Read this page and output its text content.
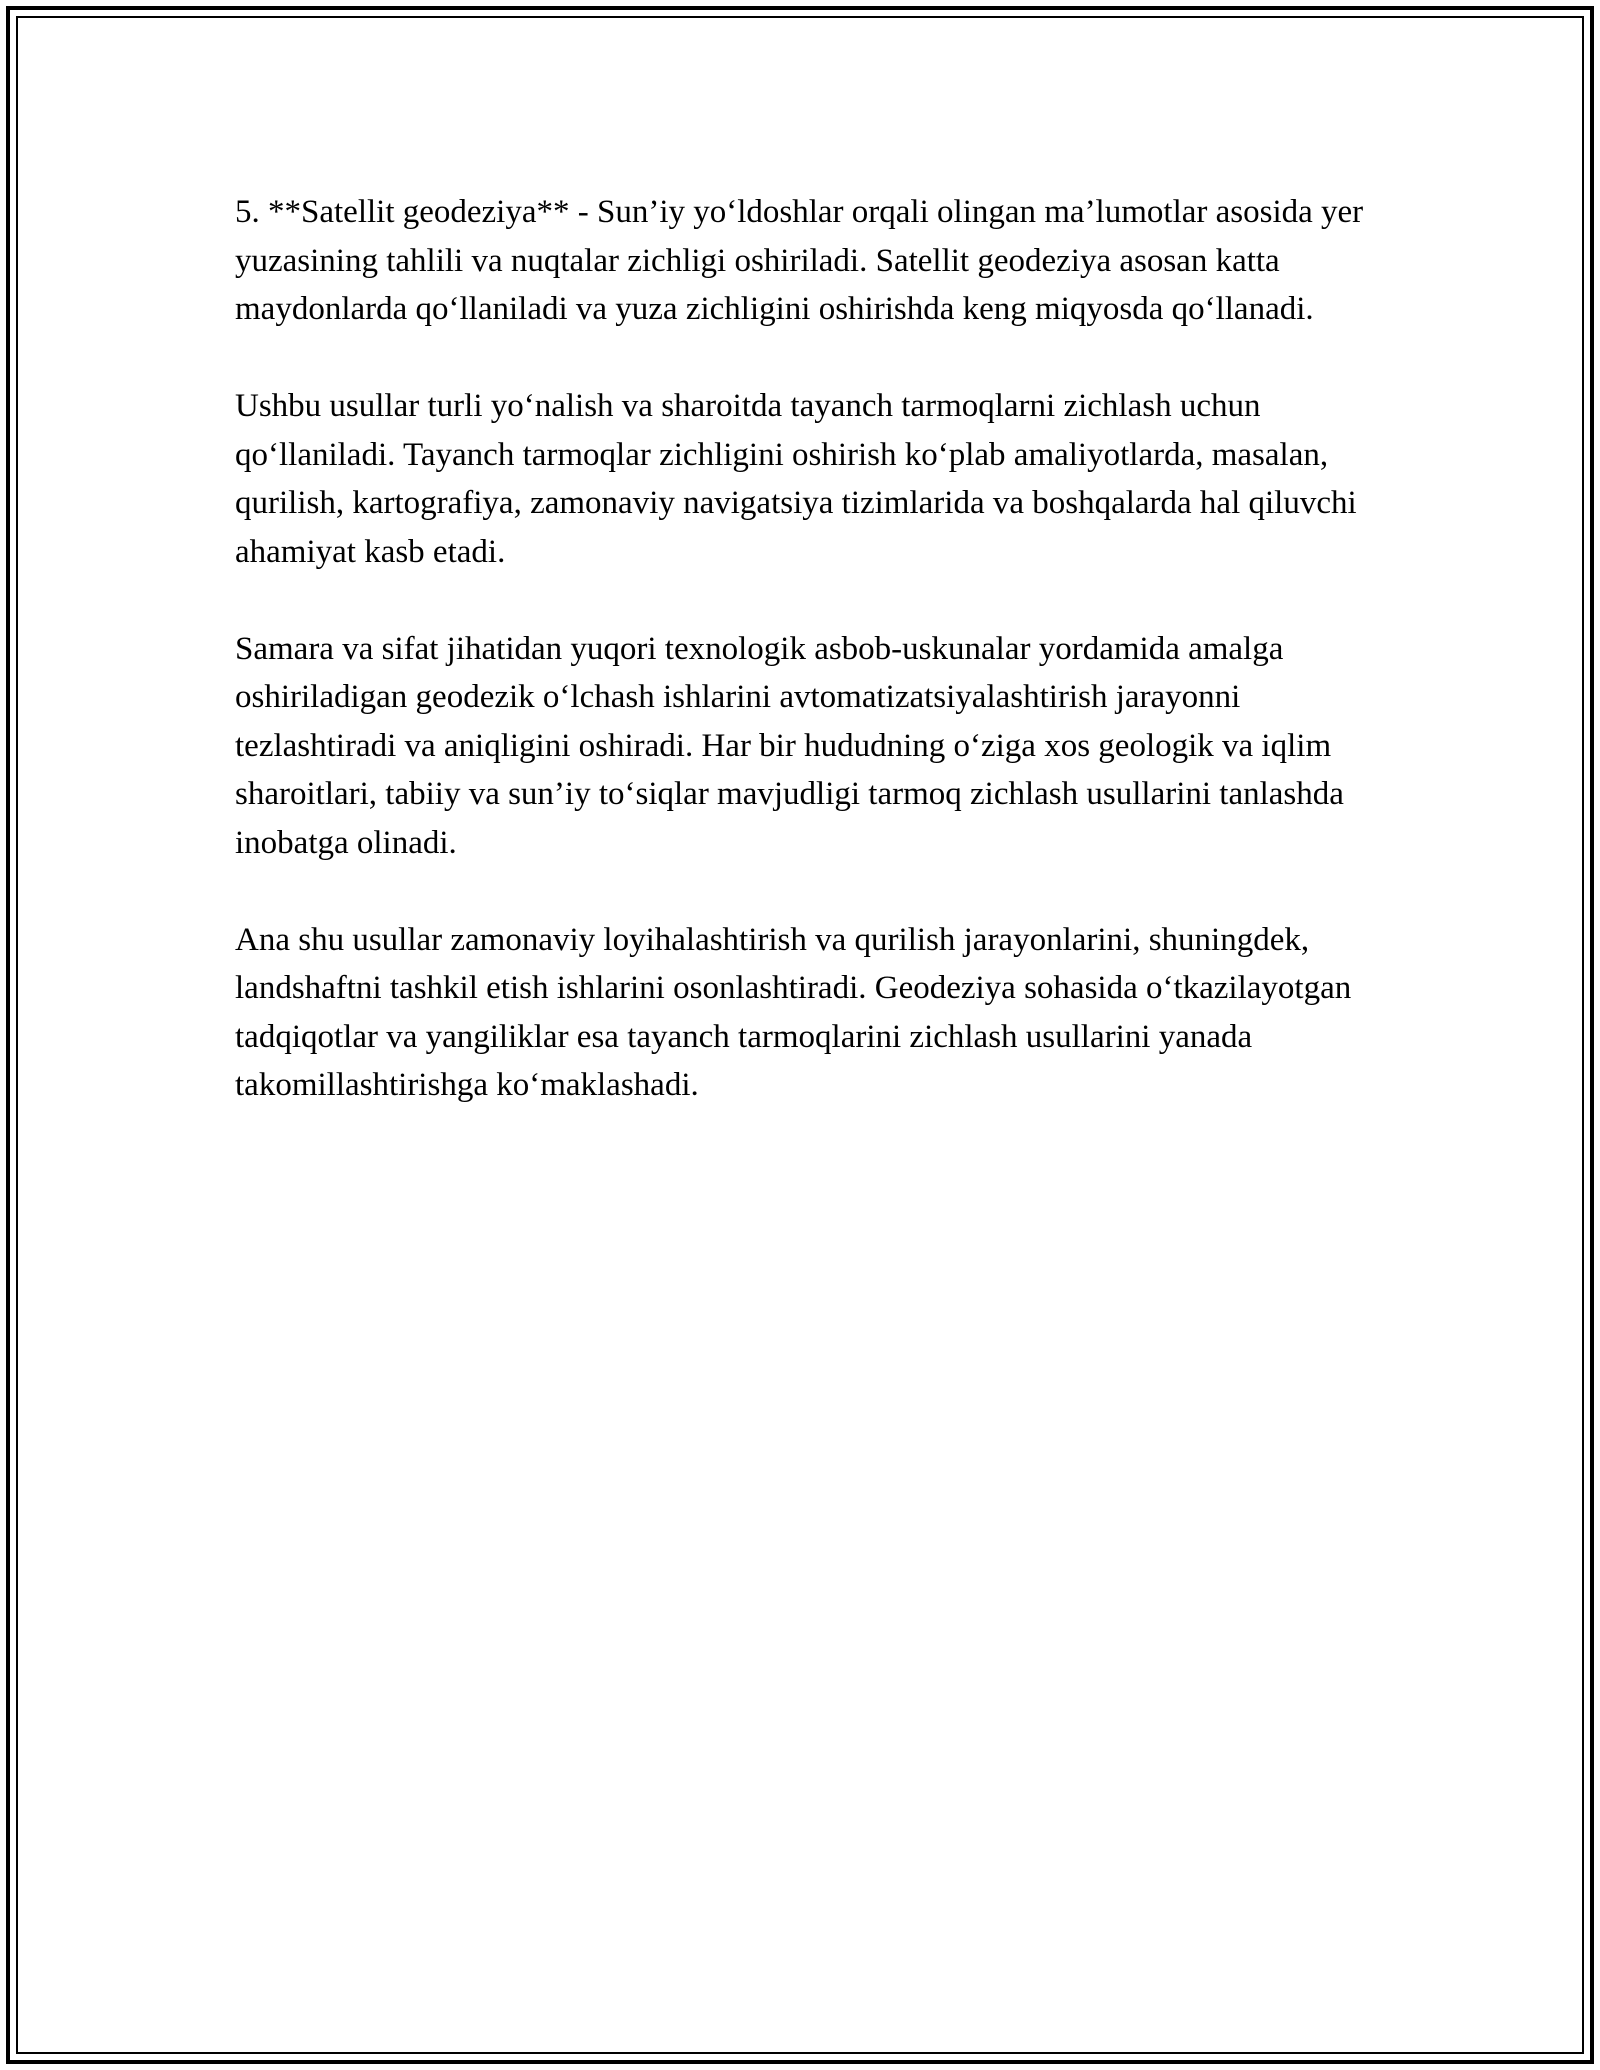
5. **Satellit geodeziya** - Sun’iy yo‘ldoshlar orqali olingan ma’lumotlar asosida yer yuzasining tahlili va nuqtalar zichligi oshiriladi. Satellit geodeziya asosan katta maydonlarda qo‘llaniladi va yuza zichligini oshirishda keng miqyosda qo‘llanadi.

Ushbu usullar turli yo‘nalish va sharoitda tayanch tarmoqlarni zichlash uchun qo‘llaniladi. Tayanch tarmoqlar zichligini oshirish ko‘plab amaliyotlarda, masalan, qurilish, kartografiya, zamonaviy navigatsiya tizimlarida va boshqalarda hal qiluvchi ahamiyat kasb etadi.

Samara va sifat jihatidan yuqori texnologik asbob-uskunalar yordamida amalga oshiriladigan geodezik o‘lchash ishlarini avtomatizatsiyalashtirish jarayonni tezlashtiradi va aniqligini oshiradi. Har bir hududning o‘ziga xos geologik va iqlim sharoitlari, tabiiy va sun’iy to‘siqlar mavjudligi tarmoq zichlash usullarini tanlashda inobatga olinadi.

Ana shu usullar zamonaviy loyihalashtirish va qurilish jarayonlarini, shuningdek, landshaftni tashkil etish ishlarini osonlashtiradi. Geodeziya sohasida o‘tkazilayotgan tadqiqotlar va yangiliklar esa tayanch tarmoqlarini zichlash usullarini yanada takomillashtirishga ko‘maklashadi.
